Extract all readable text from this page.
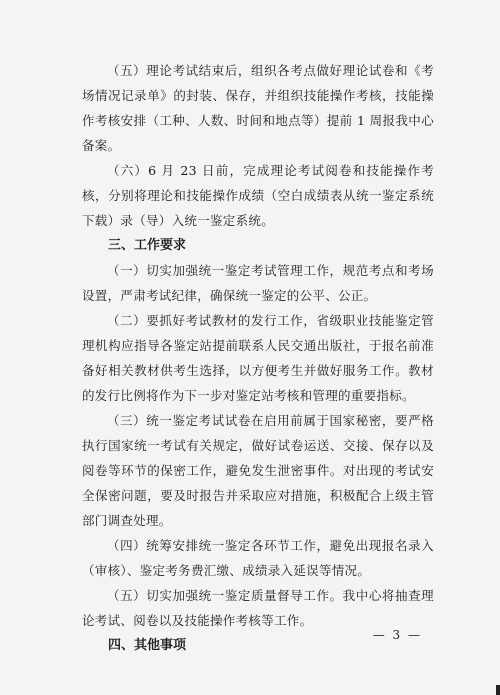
（五）理论考试结束后，组织各考点做好理论试卷和《考场情况记录单》的封装、保存，并组织技能操作考核，技能操作考核安排（工种、人数、时间和地点等）提前 1 周报我中心备案。

（六）6 月 23 日前，完成理论考试阅卷和技能操作考核，分别将理论和技能操作成绩（空白成绩表从统一鉴定系统下载）录（导）入统一鉴定系统。

三、工作要求

（一）切实加强统一鉴定考试管理工作，规范考点和考场设置，严肃考试纪律，确保统一鉴定的公平、公正。

（二）要抓好考试教材的发行工作，省级职业技能鉴定管理机构应指导各鉴定站提前联系人民交通出版社，于报名前准备好相关教材供考生选择，以方便考生并做好服务工作。教材的发行比例将作为下一步对鉴定站考核和管理的重要指标。

（三）统一鉴定考试试卷在启用前属于国家秘密，要严格执行国家统一考试有关规定，做好试卷运送、交接、保存以及阅卷等环节的保密工作，避免发生泄密事件。对出现的考试安全保密问题，要及时报告并采取应对措施，积极配合上级主管部门调查处理。

（四）统筹安排统一鉴定各环节工作，避免出现报名录入（审核）、鉴定考务费汇缴、成绩录入延误等情况。

（五）切实加强统一鉴定质量督导工作。我中心将抽查理论考试、阅卷以及技能操作考核等工作。

四、其他事项
— 3 —
